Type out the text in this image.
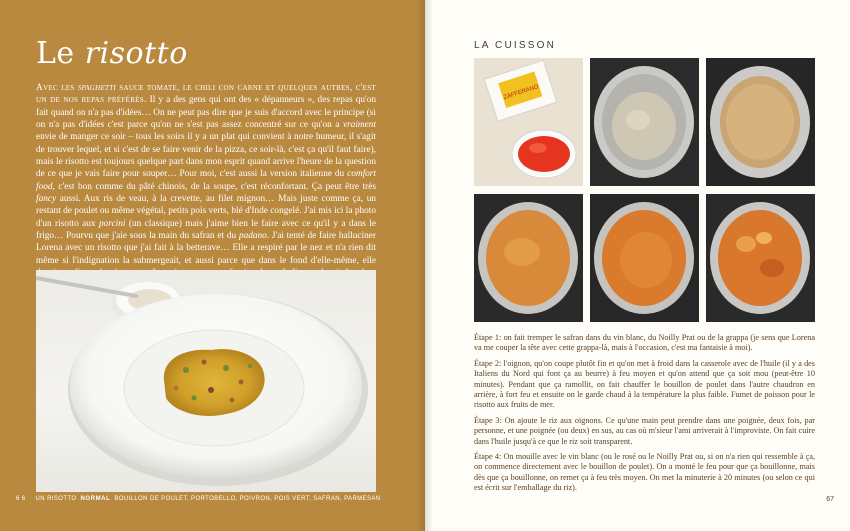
Le risotto

Avec les spaghetti sauce tomate, le chili con carne et quelques autres, c'est un de nos repas préférés. Il y a des gens qui ont des « dépanneurs », des repas qu'on fait quand on n'a pas d'idées… On ne peut pas dire que je suis d'accord avec le principe (si on n'a pas d'idées c'est parce qu'on ne s'est pas assez concentré sur ce qu'on a vraiment envie de manger ce soir – tous les soirs il y a un plat qui convient à notre humeur, il s'agit de trouver lequel, et si c'est de se faire venir de la pizza, ce soir-là, c'est ça qu'il faut faire), mais le risotto est toujours quelque part dans mon esprit quand arrive l'heure de la question de ce que je vais faire pour souper… Pour moi, c'est aussi la version italienne du comfort food, c'est bon comme du pâté chinois, de la soupe, c'est réconfortant. Ça peut être très fancy aussi. Aux ris de veau, à la crevette, au filet mignon… Mais juste comme ça, un restant de poulet ou même végétal, petits pois verts, blé d'Inde congelé. J'ai mis ici la photo d'un risotto aux porcini (un classique) mais j'aime bien le faire avec ce qu'il y a dans le frigo… Pourvu que j'aie sous la main du safran et du padano. J'ai tenté de faire halluciner Lorena avec un risotto que j'ai fait à la betterave… Elle a respiré par le nez et n'a rien dit même si l'indignation la submergeait, et aussi parce que dans le fond d'elle-même, elle

6 6 UN RISOTTO NORMAL BOUILLON DE POULET, PORTOBELLO, POIVRON, POIS VERT, SAFRAN, PARMESAN
LA CUISSON
ZAFFERANO

Étape 1: on fait tremper le safran dans du vin blanc, du Noilly Prat ou de la grappa (je sens que Lorena va me couper la tête avec cette grappa-là, mais à l'occasion, c'est ma fantaisie à moi).

Étape 2: l'oignon, qu'on coupe plutôt fin et qu'on met à froid dans la casserole avec de l'huile (il y a des Italiens du Nord qui font ça au beurre) à feu moyen et qu'on attend que ça soit mou (peut-être 10 minutes). Pendant que ça ramollit, on fait chauffer le bouillon de poulet dans l'autre chaudron en arrière, à fort feu et ensuite on le garde chaud à la température la plus faible. Fumet de poisson pour le risotto aux fruits de mer.

Étape 3: On ajoute le riz aux oignons. Ce qu'une main peut prendre dans une poignée, deux fois, par personne, et une poignée (ou deux) en sus, au cas où m'sieur l'ami arriverait à l'improviste. On fait cuire dans l'huile jusqu'à ce que le riz soit transparent.

Étape 4: On mouille avec le vin blanc (ou le rosé ou le Noilly Prat ou, si on n'a rien qui ressemble à ça, on commence directement avec le bouillon de poulet). On a monté le feu pour que ça bouillonne, mais dès que ça bouillonne, on remet ça à feu très moyen. On met la minuterie à 20 minutes (ou selon ce qui est écrit sur l'emballage du riz).

67
